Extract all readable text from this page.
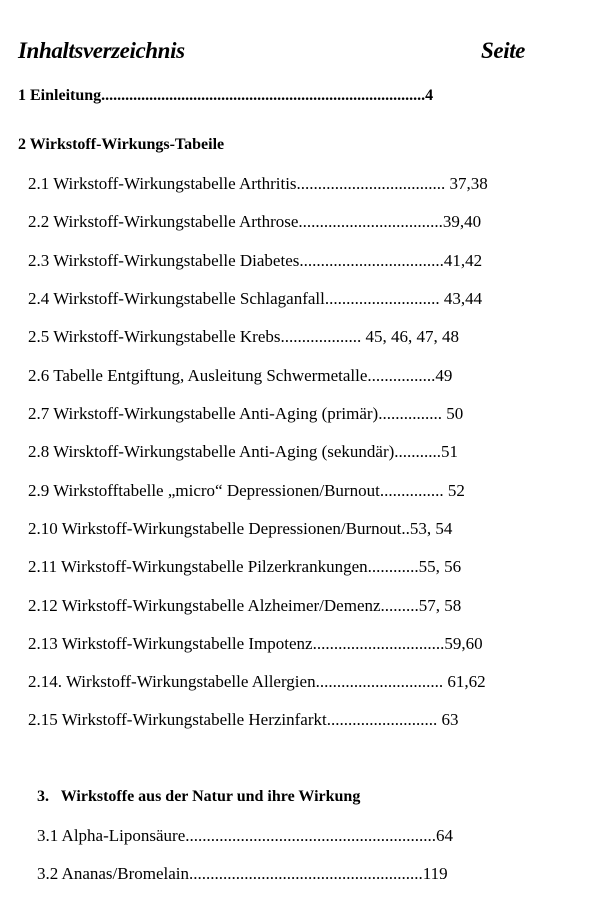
Inhaltsverzeichnis	Seite
1 Einleitung.................................................................................4
2 Wirkstoff-Wirkungs-Tabeile
2.1 Wirkstoff-Wirkungstabelle Arthritis................................... 37,38
2.2 Wirkstoff-Wirkungstabelle Arthrose..................................39,40
2.3 Wirkstoff-Wirkungstabelle Diabetes..................................41,42
2.4 Wirkstoff-Wirkungstabelle Schlaganfall........................... 43,44
2.5 Wirkstoff-Wirkungstabelle Krebs................... 45, 46, 47, 48
2.6 Tabelle Entgiftung, Ausleitung Schwermetalle................49
2.7 Wirkstoff-Wirkungstabelle Anti-Aging (primär)............... 50
2.8 Wirsktoff-Wirkungstabelle Anti-Aging (sekundär)...........51
2.9 Wirkstofftabelle „micro“ Depressionen/Burnout............... 52
2.10 Wirkstoff-Wirkungstabelle Depressionen/Burnout..53, 54
2.11 Wirkstoff-Wirkungstabelle Pilzerkrankungen............55, 56
2.12 Wirkstoff-Wirkungstabelle Alzheimer/Demenz.........57, 58
2.13 Wirkstoff-Wirkungstabelle Impotenz...............................59,60
2.14. Wirkstoff-Wirkungstabelle Allergien.............................. 61,62
2.15 Wirkstoff-Wirkungstabelle Herzinfarkt.......................... 63
3.   Wirkstoffe aus der Natur und ihre Wirkung
3.1 Alpha-Liponsäure...........................................................64
3.2 Ananas/Bromelain.......................................................119
